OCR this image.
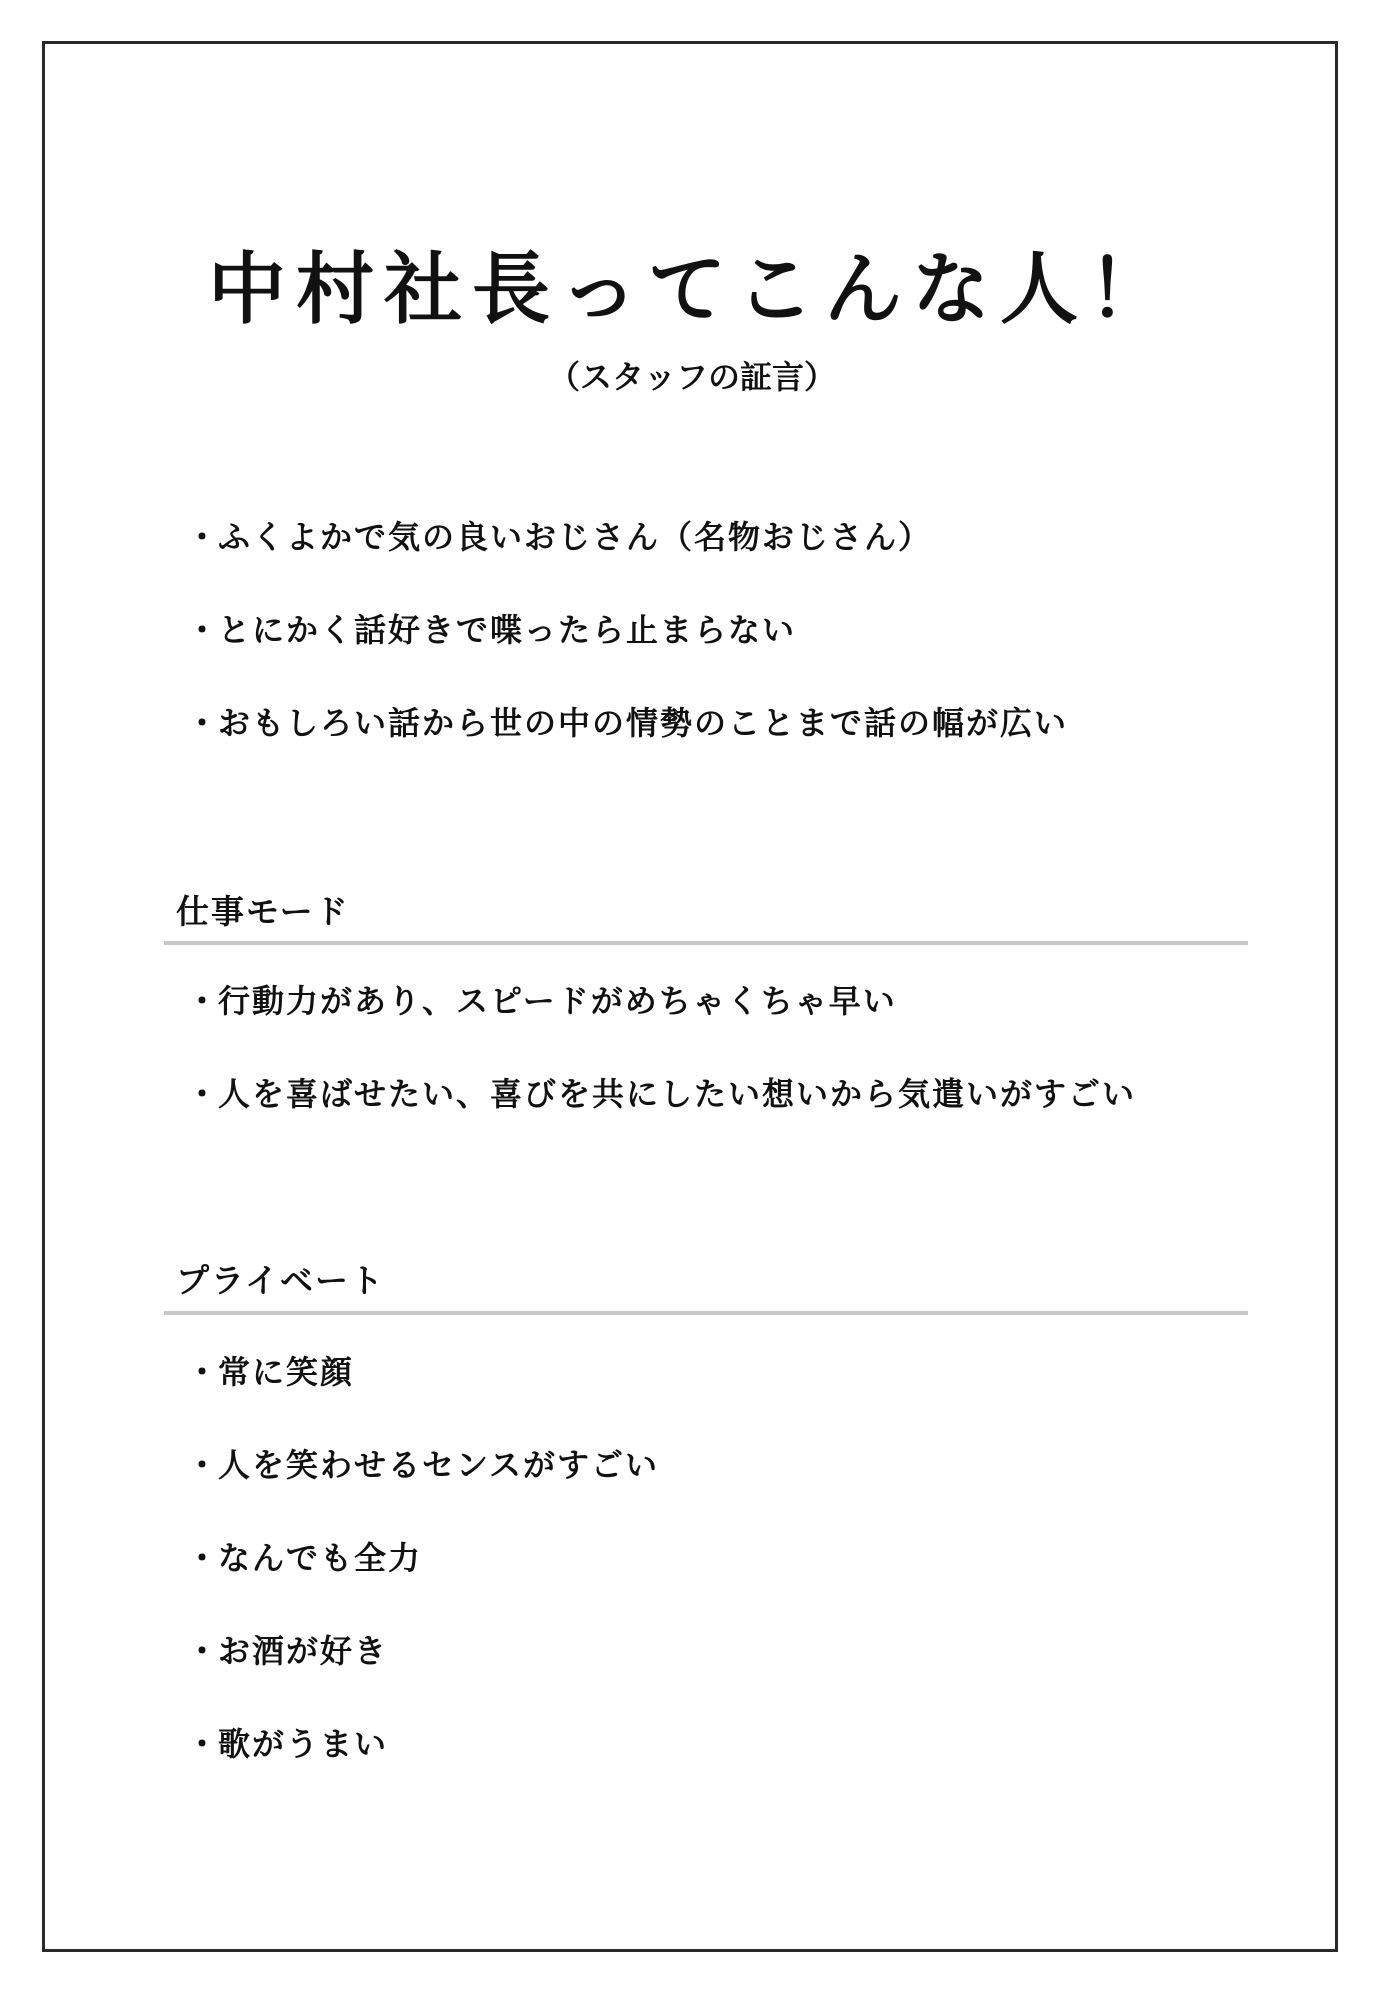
中村社長ってこんな人！
（スタッフの証言）
・
ふくよかで気の良いおじさん（名物おじさん）
・
とにかく話好きで喋ったら止まらない
・
おもしろい話から世の中の情勢のことまで話の幅が広い
仕事モード
・
行動力があり、スピードがめちゃくちゃ早い
・
人を喜ばせたい、喜びを共にしたい想いから気遣いがすごい
プライベート
・
常に笑顔
・
人を笑わせるセンスがすごい
・
なんでも全力
・
お酒が好き
・
歌がうまい
